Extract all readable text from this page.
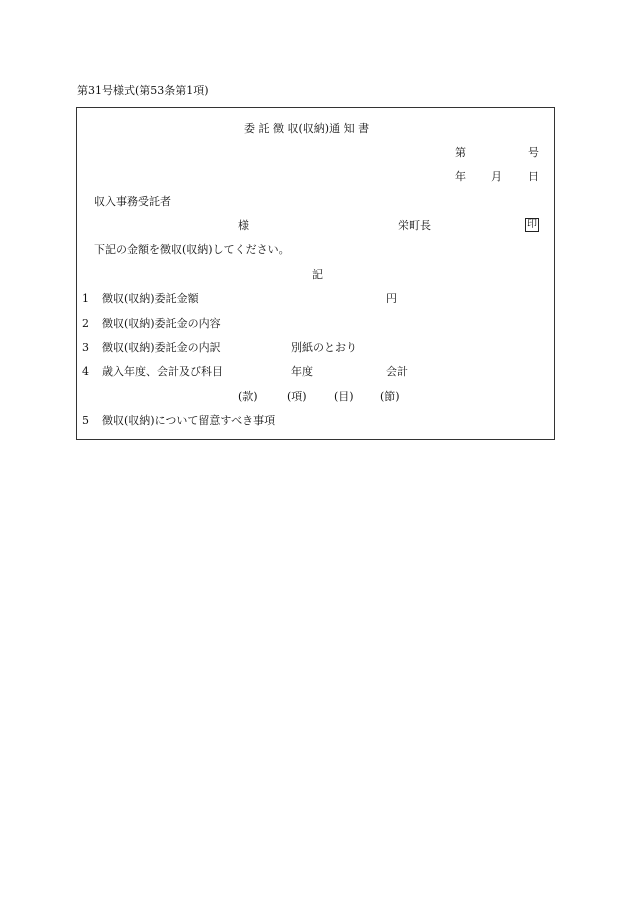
第31号様式(第53条第1項)
委 託 徴 収(収納)通 知 書
第	号
年 月 日
収入事務受託者
様	栄町長	印
下記の金額を徴収(収納)してください。
記
1 徴収(収納)委託金額	円
2 徴収(収納)委託金の内容
3 徴収(収納)委託金の内訳	別紙のとおり
4 歳入年度、会計及び科目	年度	会計
(款)	(項) (目) (節)
5 徴収(収納)について留意すべき事項
